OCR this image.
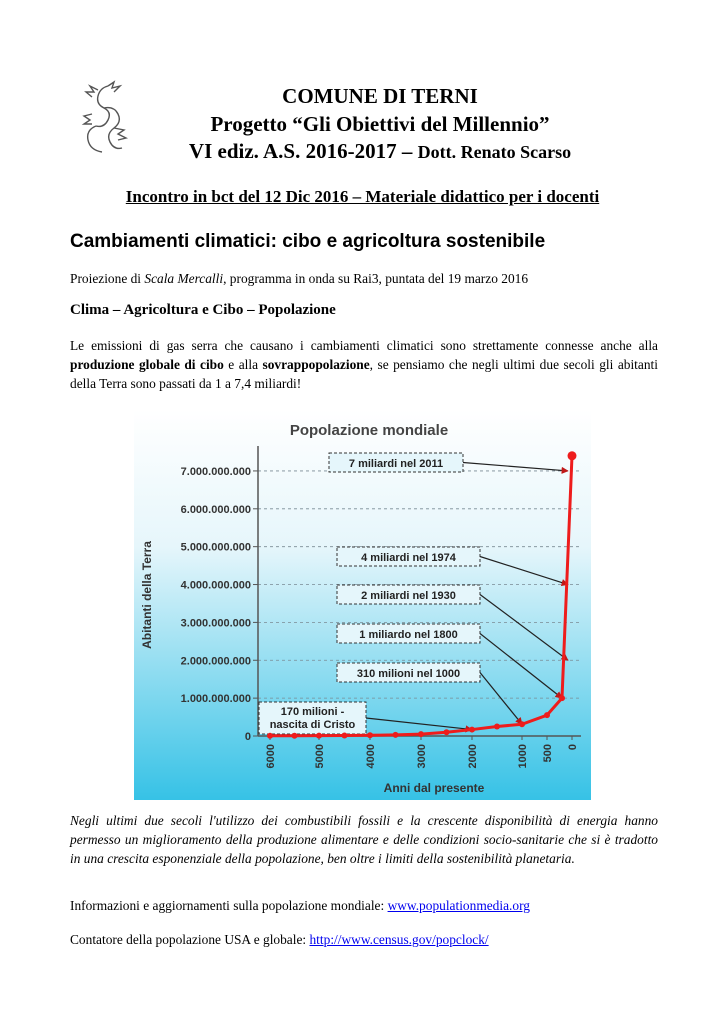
COMUNE DI TERNI
Progetto “Gli Obiettivi del Millennio”
VI ediz. A.S. 2016-2017 – Dott. Renato Scarso
Incontro in bct del 12 Dic 2016 – Materiale didattico per i docenti
Cambiamenti climatici: cibo e agricoltura sostenibile
Proiezione di Scala Mercalli, programma in onda su Rai3, puntata del 19 marzo 2016
Clima – Agricoltura e Cibo – Popolazione
Le emissioni di gas serra che causano i cambiamenti climatici sono strettamente connesse anche alla produzione globale di cibo e alla sovrappopolazione, se pensiamo che negli ultimi due secoli gli abitanti della Terra sono passati da 1 a 7,4 miliardi!
Popolazione mondiale
0
1.000.000.000
2.000.000.000
3.000.000.000
4.000.000.000
5.000.000.000
6.000.000.000
7.000.000.000
6000	5000	4000	3000	2000	1000 500 0
7 miliardi nel 2011
4 miliardi nel 1974
2 miliardi nel 1930
1 miliardo nel 1800
310 milioni nel 1000
170 milioni -nascita di Cristo
Abitanti della Terra
Anni dal presente
Negli ultimi due secoli l'utilizzo dei combustibili fossili e la crescente disponibilità di energia hanno permesso un miglioramento della produzione alimentare e delle condizioni socio-sanitarie che si è tradotto in una crescita esponenziale della popolazione, ben oltre i limiti della sostenibilità planetaria.
Informazioni e aggiornamenti sulla popolazione mondiale: www.populationmedia.org
Contatore della popolazione USA e globale: http://www.census.gov/popclock/
